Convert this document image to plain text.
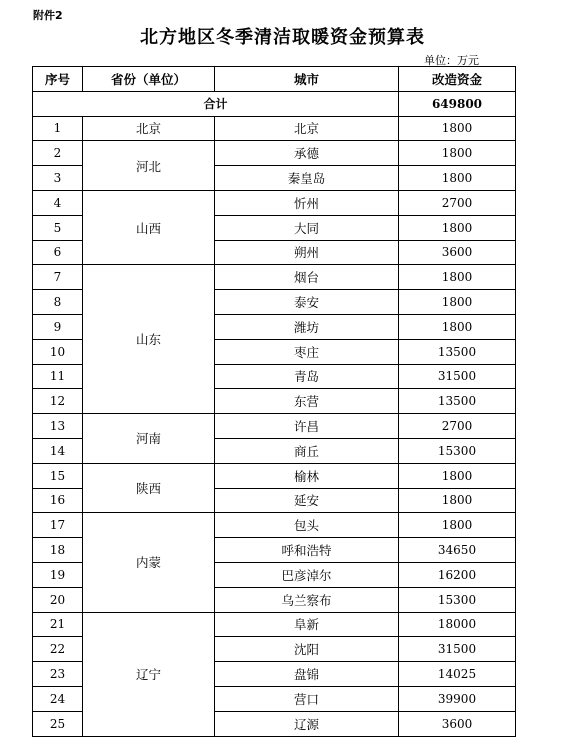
附件2
北方地区冬季清洁取暖资金预算表
单位：万元
序号	省份（单位）	城市	改造资金
合计			649800
1	北京	北京	1800
2	河北	承德	1800
3		秦皇岛	1800
4	山西	忻州	2700
5		大同	1800
6		朔州	3600
7	山东	烟台	1800
8		泰安	1800
9		潍坊	1800
10		枣庄	13500
11		青岛	31500
12		东营	13500
13	河南	许昌	2700
14		商丘	15300
15	陕西	榆林	1800
16		延安	1800
17	内蒙	包头	1800
18		呼和浩特	34650
19		巴彦淖尔	16200
20		乌兰察布	15300
21	辽宁	阜新	18000
22		沈阳	31500
23		盘锦	14025
24		营口	39900
25		辽源	3600
